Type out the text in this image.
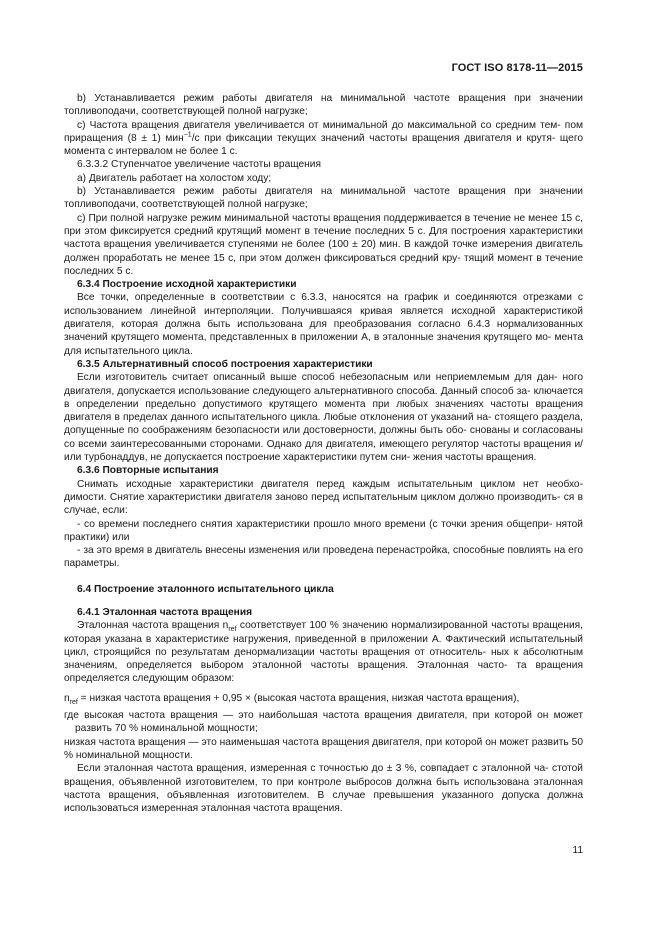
ГОСТ ISO 8178-11—2015

b) Устанавливается режим работы двигателя на минимальной частоте вращения при значении топливоподачи, соответствующей полной нагрузке;

с) Частота вращения двигателя увеличивается от минимальной до максимальной со средним тем- пом приращения (8 ± 1) мин$^{-1}$/с при фиксации текущих значений частоты вращения двигателя и крутя- щего момента с интервалом не более 1 с.

6.3.3.2 Ступенчатое увеличение частоты вращения

а) Двигатель работает на холостом ходу;

b) Устанавливается режим работы двигателя на минимальной частоте вращения при значении топливоподачи, соответствующей полной нагрузке;

с) При полной нагрузке режим минимальной частоты вращения поддерживается в течение не менее 15 с, при этом фиксируется средний крутящий момент в течение последних 5 с. Для построения характеристики частота вращения увеличивается ступенями не более (100 ± 20) мин. В каждой точке измерения двигатель должен проработать не менее 15 с, при этом должен фиксироваться средний кру- тящий момент в течение последних 5 с.

6.3.4 Построение исходной характеристики

Все точки, определенные в соответствии с 6.3.3, наносятся на график и соединяются отрезками с использованием линейной интерполяции. Получившаяся кривая является исходной характеристикой двигателя, которая должна быть использована для преобразования согласно 6.4.3 нормализованных значений крутящего момента, представленных в приложении А, в эталонные значения крутящего мо- мента для испытательного цикла.

6.3.5 Альтернативный способ построения характеристики

Если изготовитель считает описанный выше способ небезопасным или неприемлемым для дан- ного двигателя, допускается использование следующего альтернативного способа. Данный способ за- ключается в определении предельно допустимого крутящего момента при любых значениях частоты вращения двигателя в пределах данного испытательного цикла. Любые отклонения от указаний на- стоящего раздела, допущенные по соображениям безопасности или достоверности, должны быть обо- снованы и согласованы со всеми заинтересованными сторонами. Однако для двигателя, имеющего регулятор частоты вращения и/или турбонаддув, не допускается построение характеристики путем сни- жения частоты вращения.

6.3.6 Повторные испытания

Снимать исходные характеристики двигателя перед каждым испытательным циклом нет необхо- димости. Снятие характеристики двигателя заново перед испытательным циклом должно производить- ся в случае, если:

- со времени последнего снятия характеристики прошло много времени (с точки зрения общепри- нятой практики) или

- за это время в двигатель внесены изменения или проведена перенастройка, способные повлиять на его параметры.

6.4 Построение эталонного испытательного цикла

6.4.1 Эталонная частота вращения

Эталонная частота вращения $n_{ref}$ соответствует 100 % значению нормализированной частоты вращения, которая указана в характеристике нагружения, приведенной в приложении А. Фактический испытательный цикл, строящийся по результатам денормализации частоты вращения от относитель- ных к абсолютным значениям, определяется выбором эталонной частоты вращения. Эталонная часто- та вращения определяется следующим образом:

$n_{ref}$ = низкая частота вращения + 0,95 × (высокая частота вращения, низкая частота вращения),

где высокая частота вращения — это наибольшая частота вращения двигателя, при которой он может развить 70 % номинальной мощности;

низкая частота вращения — это наименьшая частота вращения двигателя, при которой он может развить 50 % номинальной мощности.

Если эталонная частота вращения, измеренная с точностью до ± 3 %, совпадает с эталонной ча- стотой вращения, объявленной изготовителем, то при контроле выбросов должна быть использована эталонная частота вращения, объявленная изготовителем. В случае превышения указанного допуска должна использоваться измеренная эталонная частота вращения.

11
